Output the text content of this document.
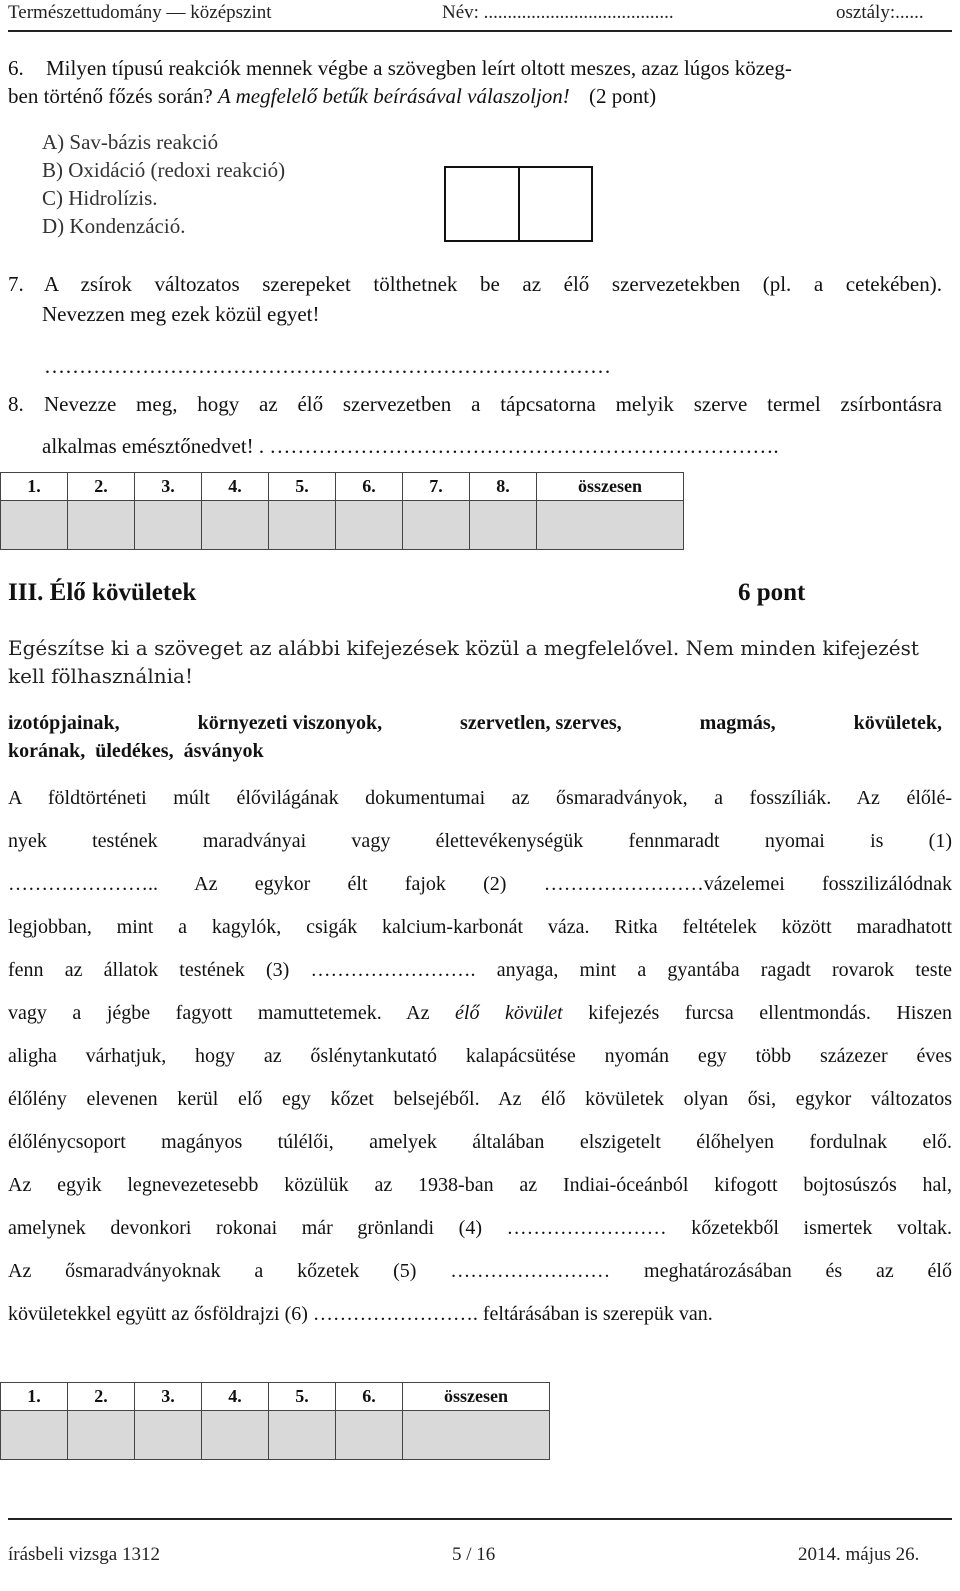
Természettudomány — középszint	Név: ........................................	osztály:......
6. Milyen típusú reakciók mennek végbe a szövegben leírt oltott meszes, azaz lúgos közeg-
ben történő főzés során? A megfelelő betűk beírásával válaszoljon! (2 pont)
A) Sav-bázis reakció
B) Oxidáció (redoxi reakció)
C) Hidrolízis.
D) Kondenzáció.
7. A zsírok változatos szerepeket tölthetnek be az élő szervezetekben (pl. a cetekében).
Nevezzen meg ezek közül egyet!
………………………………………………………………………
8. Nevezze meg, hogy az élő szervezetben a tápcsatorna melyik szerve termel zsírbontásra
alkalmas emésztőnedvet! . ……………………………………………………………….
1.	2.	3.	4.	5.	6.	7.	8.	összesen

III. Élő kövületek	6 pont
Egészítse ki a szöveget az alábbi kifejezések közül a megfelelővel. Nem minden kifejezést
kell fölhasználnia!
izotópjainak,	környezeti viszonyok,	szervetlen, szerves,	magmás,	kövületek,
korának,  üledékes,  ásványok
A földtörténeti múlt élővilágának dokumentumai az ősmaradványok, a fosszíliák. Az élőlé-
nyek testének maradványai vagy élettevékenységük fennmaradt nyomai is (1)
………………….. Az egykor élt fajok (2) ……………………vázelemei fosszilizálódnak
legjobban, mint a kagylók, csigák kalcium-karbonát váza. Ritka feltételek között maradhatott
fenn az állatok testének (3) ……………………. anyaga, mint a gyantába ragadt rovarok teste
vagy a jégbe fagyott mamuttetemek. Az élő kövület kifejezés furcsa ellentmondás. Hiszen
aligha várhatjuk, hogy az őslénytankutató kalapácsütése nyomán egy több százezer éves
élőlény elevenen kerül elő egy kőzet belsejéből. Az élő kövületek olyan ősi, egykor változatos
élőlénycsoport magányos túlélői, amelyek általában elszigetelt élőhelyen fordulnak elő.
Az egyik legnevezetesebb közülük az 1938-ban az Indiai-óceánból kifogott bojtosúszós hal,
amelynek devonkori rokonai már grönlandi (4) …………………… kőzetekből ismertek voltak.
Az ősmaradványoknak a kőzetek (5) …………………… meghatározásában és az élő
kövületekkel együtt az ősföldrajzi (6) ……………………. feltárásában is szerepük van.
1.	2.	3.	4.	5.	6.	összesen

írásbeli vizsga 1312	5 / 16	2014. május 26.
